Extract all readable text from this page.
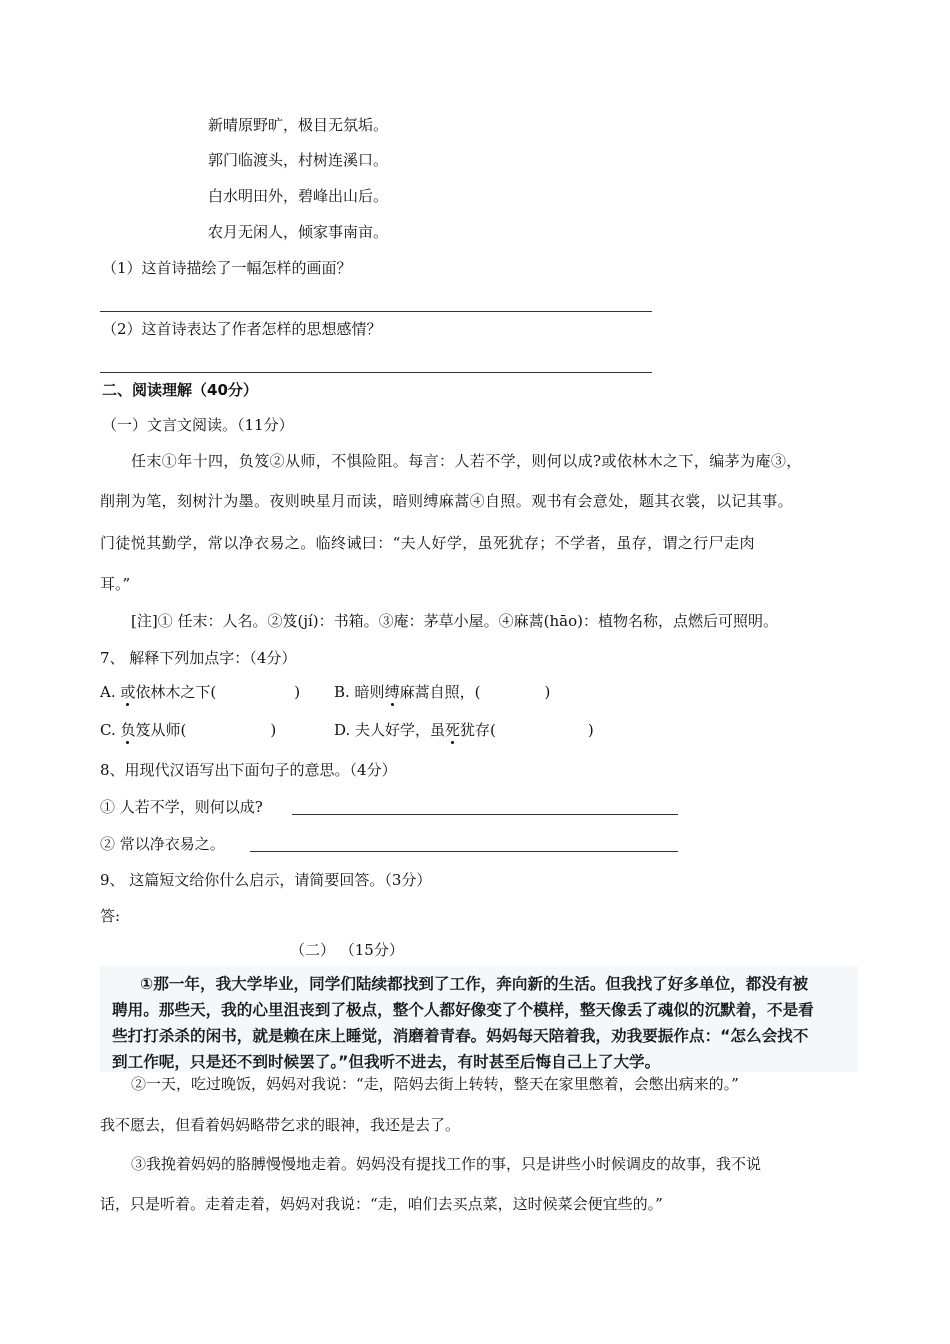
新晴原野旷，极目无氛垢。
郭门临渡头，村树连溪口。
白水明田外，碧峰出山后。
农月无闲人，倾家事南亩。
（1）这首诗描绘了一幅怎样的画面？
（2）这首诗表达了作者怎样的思想感情？
二、阅读理解（40分）
（一）文言文阅读。（11分）
任末①年十四，负笈②从师，不惧险阻。每言：人若不学，则何以成?或依林木之下，编茅为庵③，
削荆为笔，刻树汁为墨。夜则映星月而读，暗则缚麻蒿④自照。观书有会意处，题其衣裳，以记其事。
门徒悦其勤学，常以净衣易之。临终诫曰：“夫人好学，虽死犹存；不学者，虽存，谓之行尸走肉
耳。”
[注]① 任末：人名。②笈(jí)：书箱。③庵：茅草小屋。④麻蒿(hāo)：植物名称，点燃后可照明。
7、 解释下列加点字：（4分）
A. 或依林木之下(	) B. 暗则缚麻蒿自照，(	)
C. 负笈从师(	)	D. 夫人好学，虽死犹存(	)
8、用现代汉语写出下面句子的意思。（4分）
① 人若不学，则何以成?
② 常以净衣易之。
9、 这篇短文给你什么启示，请简要回答。（3分）
答:
（二） （15分）
①那一年，我大学毕业，同学们陆续都找到了工作，奔向新的生活。但我找了好多单位，都没有被
聘用。那些天，我的心里沮丧到了极点，整个人都好像变了个模样，整天像丢了魂似的沉默着，不是看
些打打杀杀的闲书，就是赖在床上睡觉，消磨着青春。妈妈每天陪着我，劝我要振作点：“怎么会找不
到工作呢，只是还不到时候罢了。”但我听不进去，有时甚至后悔自己上了大学。
②一天，吃过晚饭，妈妈对我说：“走，陪妈去街上转转，整天在家里憋着，会憋出病来的。”
我不愿去，但看着妈妈略带乞求的眼神，我还是去了。
③我挽着妈妈的胳膊慢慢地走着。妈妈没有提找工作的事，只是讲些小时候调皮的故事，我不说
话，只是听着。走着走着，妈妈对我说：“走，咱们去买点菜，这时候菜会便宜些的。”
